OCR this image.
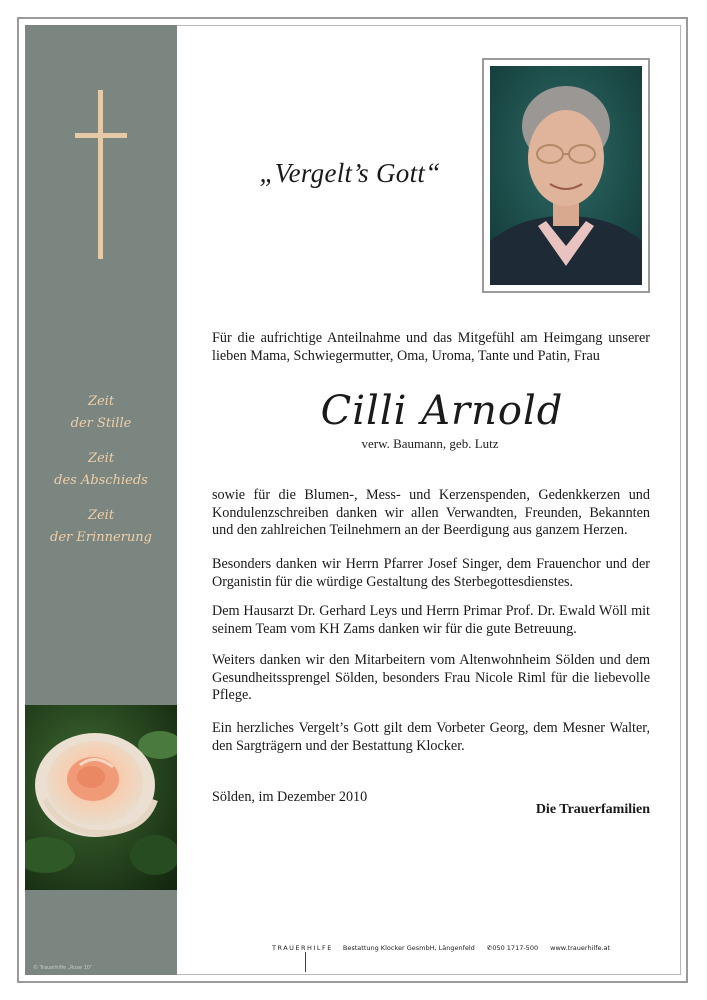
Zeit
der Stille
Zeit
des Abschieds
Zeit
der Erinnerung
© Trauerhilfe „Rose 10“
„Vergelt’s Gott“
Für die aufrichtige Anteilnahme und das Mitgefühl am Heimgang unserer lieben Mama, Schwiegermutter, Oma, Uroma, Tante und Patin, Frau
Cilli Arnold
verw. Baumann, geb. Lutz
sowie für die Blumen-, Mess- und Kerzenspenden, Gedenkkerzen und Kondulenzschreiben danken wir allen Verwandten, Freunden, Bekannten und den zahlreichen Teilnehmern an der Beerdigung aus ganzem Herzen.
Besonders danken wir Herrn Pfarrer Josef Singer, dem Frauenchor und der Organistin für die würdige Gestaltung des Sterbegottesdienstes.
Dem Hausarzt Dr. Gerhard Leys und Herrn Primar Prof. Dr. Ewald Wöll mit seinem Team vom KH Zams danken wir für die gute Betreuung.
Weiters danken wir den Mitarbeitern vom Altenwohnheim Sölden und dem Gesundheitssprengel Sölden, besonders Frau Nicole Riml für die liebevolle Pflege.
Ein herzliches Vergelt’s Gott gilt dem Vorbeter Georg, dem Mesner Walter, den Sargträgern und der Bestattung Klocker.
Sölden, im Dezember 2010
Die Trauerfamilien
TRAUERHILFE Bestattung Klocker GesmbH, Längenfeld ✆050 1717-500 www.trauerhilfe.at
